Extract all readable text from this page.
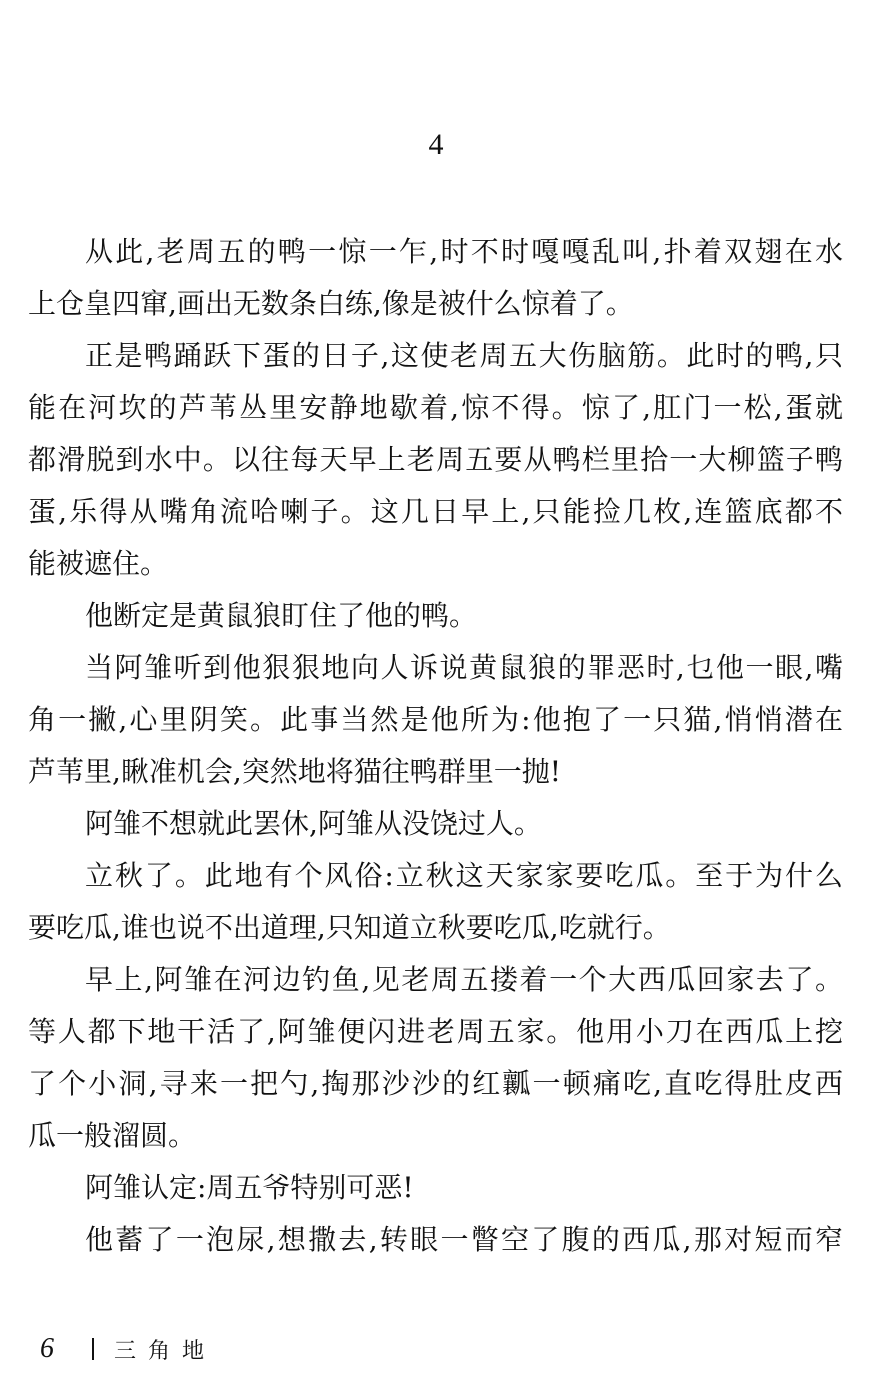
4
从此,老周五的鸭一惊一乍,时不时嘎嘎乱叫,扑着双翅在水
上仓皇四窜,画出无数条白练,像是被什么惊着了。
正是鸭踊跃下蛋的日子,这使老周五大伤脑筋。此时的鸭,只
能在河坎的芦苇丛里安静地歇着,惊不得。惊了,肛门一松,蛋就
都滑脱到水中。以往每天早上老周五要从鸭栏里拾一大柳篮子鸭
蛋,乐得从嘴角流哈喇子。这几日早上,只能捡几枚,连篮底都不
能被遮住。
他断定是黄鼠狼盯住了他的鸭。
当阿雏听到他狠狠地向人诉说黄鼠狼的罪恶时,乜他一眼,嘴
角一撇,心里阴笑。此事当然是他所为:他抱了一只猫,悄悄潜在
芦苇里,瞅准机会,突然地将猫往鸭群里一抛!
阿雏不想就此罢休,阿雏从没饶过人。
立秋了。此地有个风俗:立秋这天家家要吃瓜。至于为什么
要吃瓜,谁也说不出道理,只知道立秋要吃瓜,吃就行。
早上,阿雏在河边钓鱼,见老周五搂着一个大西瓜回家去了。
等人都下地干活了,阿雏便闪进老周五家。他用小刀在西瓜上挖
了个小洞,寻来一把勺,掏那沙沙的红瓤一顿痛吃,直吃得肚皮西
瓜一般溜圆。
阿雏认定:周五爷特别可恶!
他蓄了一泡尿,想撒去,转眼一瞥空了腹的西瓜,那对短而窄
6	三角地
